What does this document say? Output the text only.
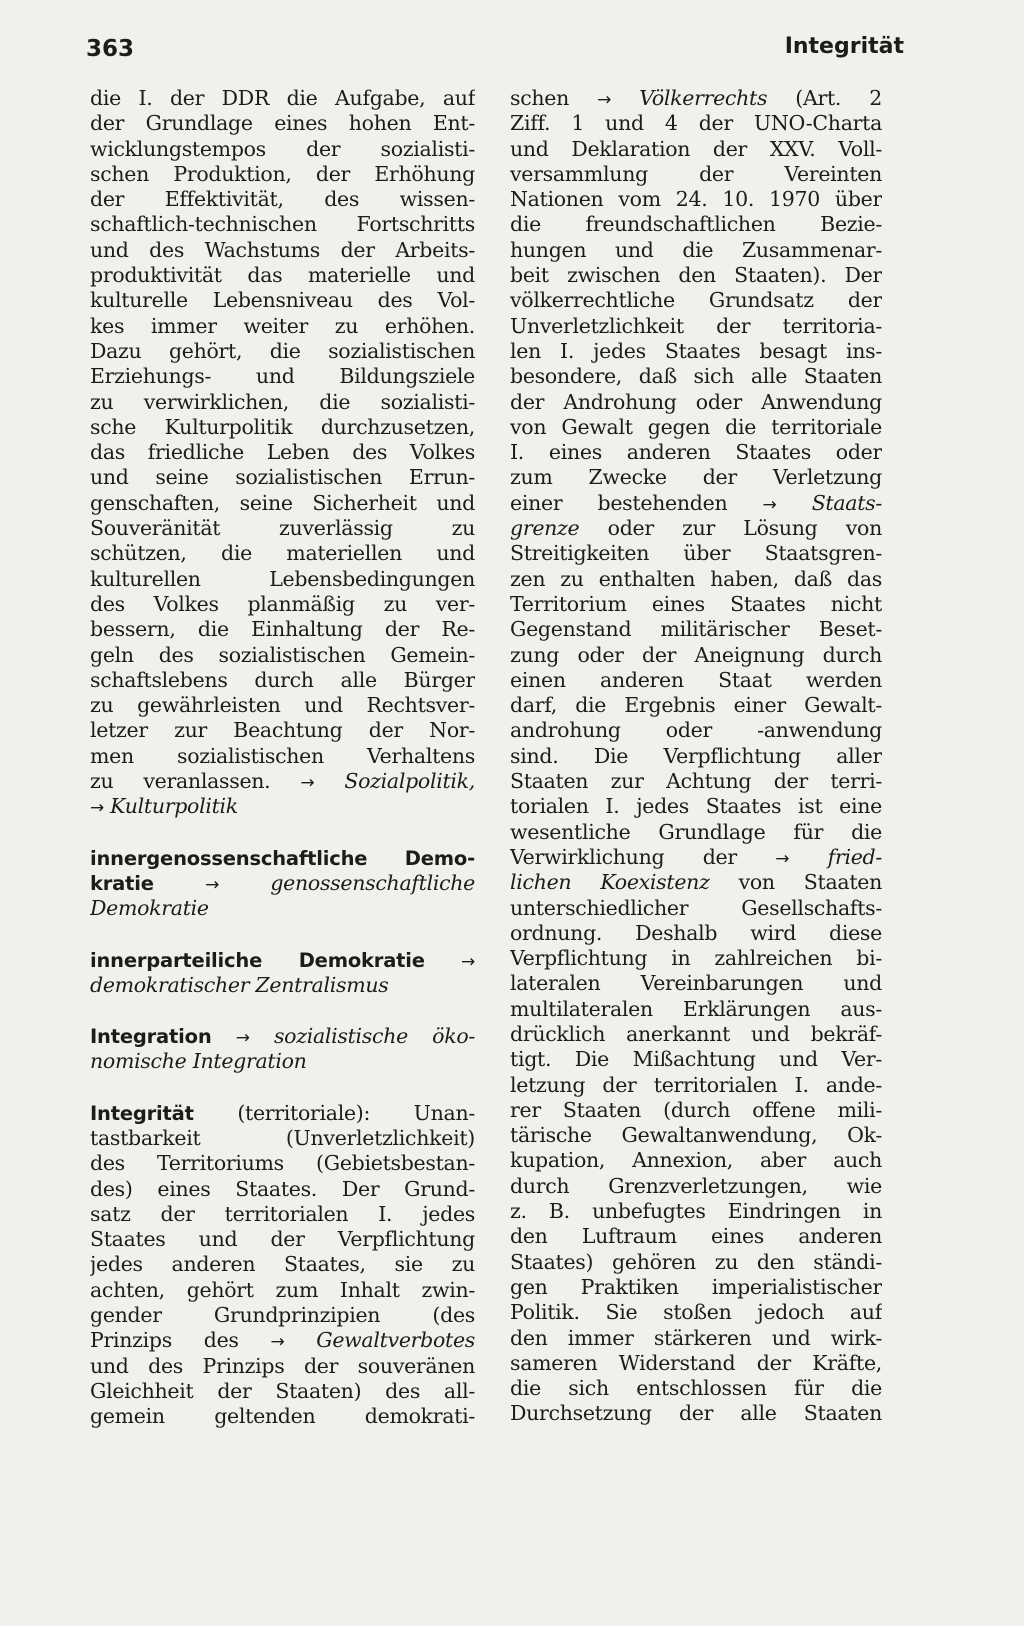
363	Integrität
die I. der DDR die Aufgabe, auf
der Grundlage eines hohen Ent-
wicklungstempos der sozialisti-
schen Produktion, der Erhöhung
der Effektivität, des wissen-
schaftlich-technischen Fortschritts
und des Wachstums der Arbeits-
produktivität das materielle und
kulturelle Lebensniveau des Vol-
kes immer weiter zu erhöhen.
Dazu gehört, die sozialistischen
Erziehungs- und Bildungsziele
zu verwirklichen, die sozialisti-
sche Kulturpolitik durchzusetzen,
das friedliche Leben des Volkes
und seine sozialistischen Errun-
genschaften, seine Sicherheit und
Souveränität zuverlässig zu
schützen, die materiellen und
kulturellen Lebensbedingungen
des Volkes planmäßig zu ver-
bessern, die Einhaltung der Re-
geln des sozialistischen Gemein-
schaftslebens durch alle Bürger
zu gewährleisten und Rechtsver-
letzer zur Beachtung der Nor-
men sozialistischen Verhaltens
zu veranlassen. → Sozialpolitik,
→ Kulturpolitik
innergenossenschaftliche Demo-
kratie	→	genossenschaftliche
Demokratie
innerparteiliche Demokratie →
demokratischer Zentralismus
Integration → sozialistische öko-
nomische Integration
Integrität (territoriale): Unan-
tastbarkeit (Unverletzlichkeit)
des Territoriums (Gebietsbestan-
des) eines Staates. Der Grund-
satz der territorialen I. jedes
Staates und der Verpflichtung
jedes anderen Staates, sie zu
achten, gehört zum Inhalt zwin-
gender Grundprinzipien (des
Prinzips des → Gewaltverbotes
und des Prinzips der souveränen
Gleichheit der Staaten) des all-
gemein geltenden demokrati-
schen → Völkerrechts (Art. 2
Ziff. 1 und 4 der UNO-Charta
und Deklaration der XXV. Voll-
versammlung der Vereinten
Nationen vom 24. 10. 1970 über
die freundschaftlichen Bezie-
hungen und die Zusammenar-
beit zwischen den Staaten). Der
völkerrechtliche Grundsatz der
Unverletzlichkeit der territoria-
len I. jedes Staates besagt ins-
besondere, daß sich alle Staaten
der Androhung oder Anwendung
von Gewalt gegen die territoriale
I. eines anderen Staates oder
zum Zwecke der Verletzung
einer bestehenden → Staats-
grenze oder zur Lösung von
Streitigkeiten über Staatsgren-
zen zu enthalten haben, daß das
Territorium eines Staates nicht
Gegenstand militärischer Beset-
zung oder der Aneignung durch
einen anderen Staat werden
darf, die Ergebnis einer Gewalt-
androhung oder -anwendung
sind. Die Verpflichtung aller
Staaten zur Achtung der terri-
torialen I. jedes Staates ist eine
wesentliche Grundlage für die
Verwirklichung der → fried-
lichen Koexistenz von Staaten
unterschiedlicher Gesellschafts-
ordnung. Deshalb wird diese
Verpflichtung in zahlreichen bi-
lateralen Vereinbarungen und
multilateralen Erklärungen aus-
drücklich anerkannt und bekräf-
tigt. Die Mißachtung und Ver-
letzung der territorialen I. ande-
rer Staaten (durch offene mili-
tärische Gewaltanwendung, Ok-
kupation, Annexion, aber auch
durch Grenzverletzungen, wie
z. B. unbefugtes Eindringen in
den Luftraum eines anderen
Staates) gehören zu den ständi-
gen Praktiken imperialistischer
Politik. Sie stoßen jedoch auf
den immer stärkeren und wirk-
sameren Widerstand der Kräfte,
die sich entschlossen für die
Durchsetzung der alle Staaten
